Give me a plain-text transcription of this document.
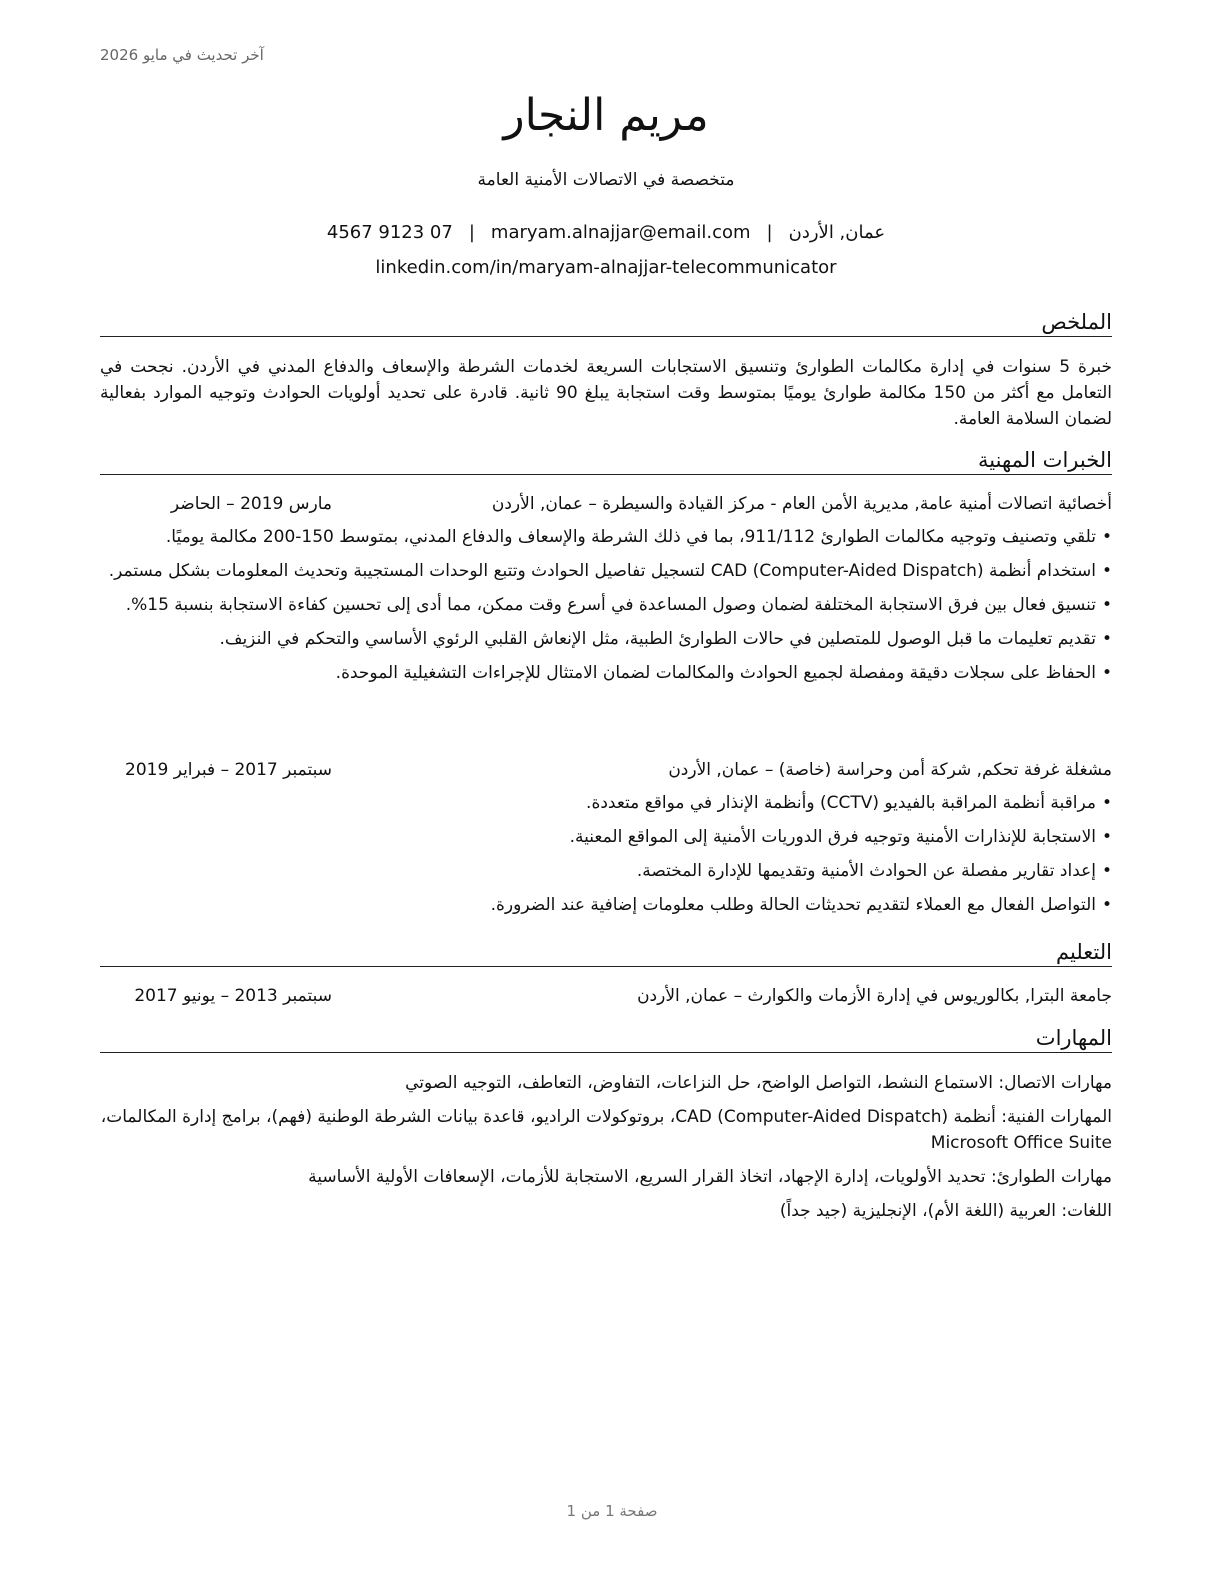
آخر تحديث في مايو 2026
مريم النجار
متخصصة في الاتصالات الأمنية العامة
4567 9123 07 | maryam.alnajjar@email.com | عمان, الأردن
linkedin.com/in/maryam-alnajjar-telecommunicator
الملخص
خبرة 5 سنوات في إدارة مكالمات الطوارئ وتنسيق الاستجابات السريعة لخدمات الشرطة والإسعاف والدفاع المدني في الأردن. نجحت في التعامل مع أكثر من 150 مكالمة طوارئ يوميًا بمتوسط وقت استجابة يبلغ 90 ثانية. قادرة على تحديد أولويات الحوادث وتوجيه الموارد بفعالية لضمان السلامة العامة.
الخبرات المهنية
أخصائية اتصالات أمنية عامة, مديرية الأمن العام - مركز القيادة والسيطرة – عمان, الأردن
مارس 2019 – الحاضر
• تلقي وتصنيف وتوجيه مكالمات الطوارئ 911/112، بما في ذلك الشرطة والإسعاف والدفاع المدني، بمتوسط 150-200 مكالمة يوميًا.
• استخدام أنظمة CAD (Computer-Aided Dispatch) لتسجيل تفاصيل الحوادث وتتبع الوحدات المستجيبة وتحديث المعلومات بشكل مستمر.
• تنسيق فعال بين فرق الاستجابة المختلفة لضمان وصول المساعدة في أسرع وقت ممكن، مما أدى إلى تحسين كفاءة الاستجابة بنسبة 15%.
• تقديم تعليمات ما قبل الوصول للمتصلين في حالات الطوارئ الطبية، مثل الإنعاش القلبي الرئوي الأساسي والتحكم في النزيف.
• الحفاظ على سجلات دقيقة ومفصلة لجميع الحوادث والمكالمات لضمان الامتثال للإجراءات التشغيلية الموحدة.
مشغلة غرفة تحكم, شركة أمن وحراسة (خاصة) – عمان, الأردن
سبتمبر 2017 – فبراير 2019
• مراقبة أنظمة المراقبة بالفيديو (CCTV) وأنظمة الإنذار في مواقع متعددة.
• الاستجابة للإنذارات الأمنية وتوجيه فرق الدوريات الأمنية إلى المواقع المعنية.
• إعداد تقارير مفصلة عن الحوادث الأمنية وتقديمها للإدارة المختصة.
• التواصل الفعال مع العملاء لتقديم تحديثات الحالة وطلب معلومات إضافية عند الضرورة.
التعليم
جامعة البترا, بكالوريوس في إدارة الأزمات والكوارث – عمان, الأردن
سبتمبر 2013 – يونيو 2017
المهارات
مهارات الاتصال: الاستماع النشط، التواصل الواضح، حل النزاعات، التفاوض، التعاطف، التوجيه الصوتي
المهارات الفنية: أنظمة CAD (Computer-Aided Dispatch)، بروتوكولات الراديو، قاعدة بيانات الشرطة الوطنية (فهم)، برامج إدارة المكالمات، Microsoft Office Suite
مهارات الطوارئ: تحديد الأولويات، إدارة الإجهاد، اتخاذ القرار السريع، الاستجابة للأزمات، الإسعافات الأولية الأساسية
اللغات: العربية (اللغة الأم)، الإنجليزية (جيد جداً)
صفحة 1 من 1
